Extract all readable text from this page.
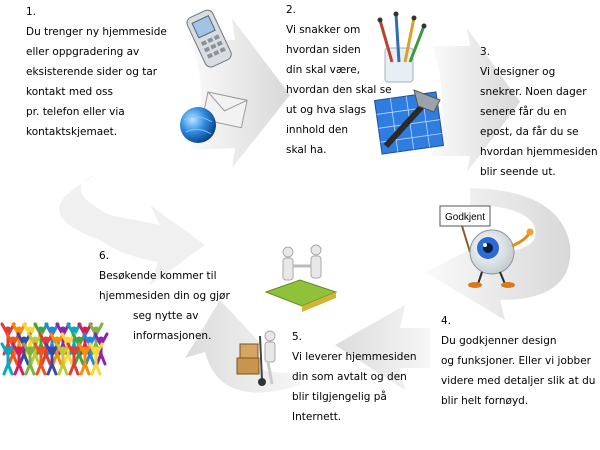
Godkjent
1.
Du trenger ny hjemmeside
eller oppgradering av
eksisterende sider og tar
kontakt med oss
pr. telefon eller via
kontaktskjemaet.
2.
Vi snakker om
hvordan siden
din skal være,
hvordan den skal se
ut og hva slags
innhold den
skal ha.
3.
Vi designer og
snekrer. Noen dager
senere får du en
epost, da får du se
hvordan hjemmesiden
blir seende ut.
4.
Du godkjenner design
og funksjoner. Eller vi jobber
videre med detaljer slik at du
blir helt fornøyd.
5.
Vi leverer hjemmesiden
din som avtalt og den
blir tilgjengelig på
Internett.
6.
Besøkende kommer til
hjemmesiden din og gjør
seg nytte av
informasjonen.
